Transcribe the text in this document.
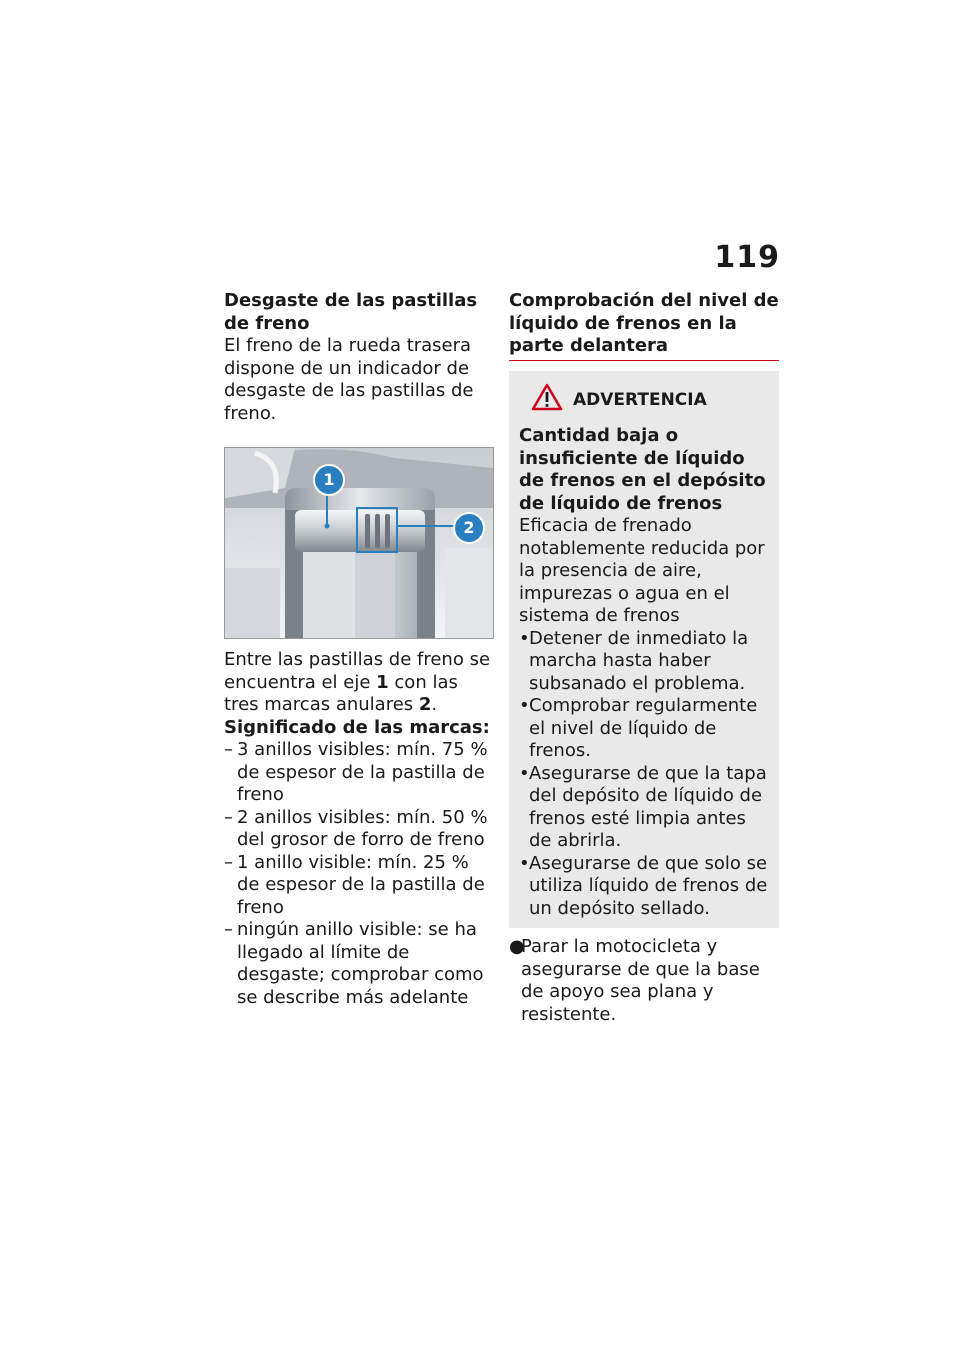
119

Desgaste de las pastillas de freno

El freno de la rueda trasera dispone de un indicador de desgaste de las pastillas de freno.

1
2

Entre las pastillas de freno se encuentra el eje 1 con las tres marcas anulares 2.

Significado de las marcas:

– 3 anillos visibles: mín. 75 % de espesor de la pastilla de freno
– 2 anillos visibles: mín. 50 % del grosor de forro de freno
– 1 anillo visible: mín. 25 % de espesor de la pastilla de freno
– ningún anillo visible: se ha llegado al límite de desgaste; comprobar como se describe más adelante

Comprobación del nivel de líquido de frenos en la parte delantera

ADVERTENCIA

Cantidad baja o insuficiente de líquido de frenos en el depósito de líquido de frenos

Eficacia de frenado notablemente reducida por la presencia de aire, impurezas o agua en el sistema de frenos

• Detener de inmediato la marcha hasta haber subsanado el problema.
• Comprobar regularmente el nivel de líquido de frenos.
• Asegurarse de que la tapa del depósito de líquido de frenos esté limpia antes de abrirla.
• Asegurarse de que solo se utiliza líquido de frenos de un depósito sellado.
●
Parar la motocicleta y asegurarse de que la base de apoyo sea plana y resistente.
